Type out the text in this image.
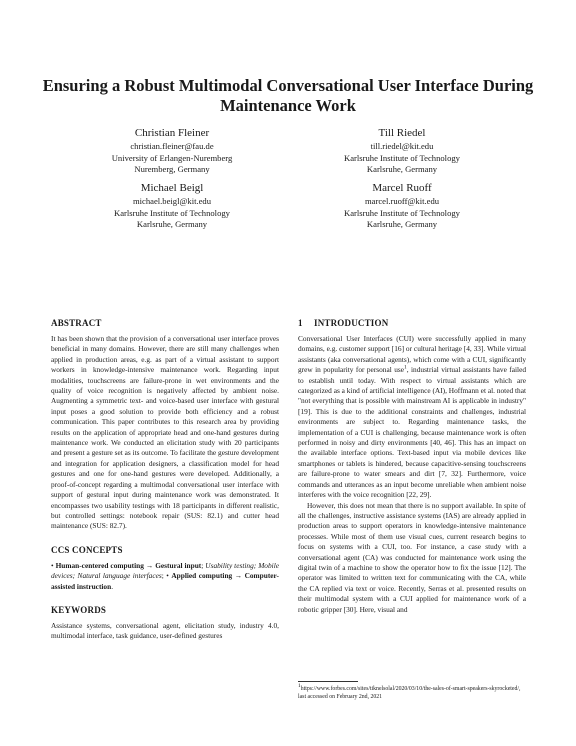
Ensuring a Robust Multimodal Conversational User Interface During Maintenance Work
Christian Fleiner
christian.fleiner@fau.de
University of Erlangen-Nuremberg
Nuremberg, Germany
Till Riedel
till.riedel@kit.edu
Karlsruhe Institute of Technology
Karlsruhe, Germany
Michael Beigl
michael.beigl@kit.edu
Karlsruhe Institute of Technology
Karlsruhe, Germany
Marcel Ruoff
marcel.ruoff@kit.edu
Karlsruhe Institute of Technology
Karlsruhe, Germany
ABSTRACT

It has been shown that the provision of a conversational user interface proves beneficial in many domains. However, there are still many challenges when applied in production areas, e.g. as part of a virtual assistant to support workers in knowledge-intensive maintenance work. Regarding input modalities, touchscreens are failure-prone in wet environments and the quality of voice recognition is negatively affected by ambient noise. Augmenting a symmetric text- and voice-based user interface with gestural input poses a good solution to provide both efficiency and a robust communication. This paper contributes to this research area by providing results on the application of appropriate head and one-hand gestures during maintenance work. We conducted an elicitation study with 20 participants and present a gesture set as its outcome. To facilitate the gesture development and integration for application designers, a classification model for head gestures and one for one-hand gestures were developed. Additionally, a proof-of-concept regarding a multimodal conversational user interface with support of gestural input during maintenance work was demonstrated. It encompasses two usability testings with 18 participants in different realistic, but controlled settings: notebook repair (SUS: 82.1) and cutter head maintenance (SUS: 82.7).

CCS CONCEPTS

• Human-centered computing → Gestural input; Usability testing; Mobile devices; Natural language interfaces; • Applied computing → Computer-assisted instruction.

KEYWORDS

Assistance systems, conversational agent, elicitation study, industry 4.0, multimodal interface, task guidance, user-defined gestures

1 INTRODUCTION

Conversational User Interfaces (CUI) were successfully applied in many domains, e.g. customer support [16] or cultural heritage [4, 33]. While virtual assistants (aka conversational agents), which come with a CUI, significantly grew in popularity for personal use$^1$, industrial virtual assistants have failed to establish until today. With respect to virtual assistants which are categorized as a kind of artificial intelligence (AI), Hoffmann et al. noted that "not everything that is possible with mainstream AI is applicable in industry" [19]. This is due to the additional constraints and challenges, industrial environments are subject to. Regarding maintenance tasks, the implementation of a CUI is challenging, because maintenance work is often performed in noisy and dirty environments [40, 46]. This has an impact on the available interface options. Text-based input via mobile devices like smartphones or tablets is hindered, because capacitive-sensing touchscreens are failure-prone to water smears and dirt [7, 32]. Furthermore, voice commands and utterances as an input become unreliable when ambient noise interferes with the voice recognition [22, 29].

However, this does not mean that there is no support available. In spite of all the challenges, instructive assistance systems (IAS) are already applied in production areas to support operators in knowledge-intensive maintenance processes. While most of them use visual cues, current research begins to focus on systems with a CUI, too. For instance, a case study with a conversational agent (CA) was conducted for maintenance work using the digital twin of a machine to show the operator how to fix the issue [12]. The operator was limited to written text for communicating with the CA, while the CA replied via text or voice. Recently, Serras et al. presented results on their multimodal system with a CUI applied for maintenance work of a robotic gripper [30]. Here, visual and

$^1$https://www.forbes.com/sites/tiknelsolal/2020/03/10/the-sales-of-smart-speakers-skyrocketed/, last accessed on February 2nd, 2021
